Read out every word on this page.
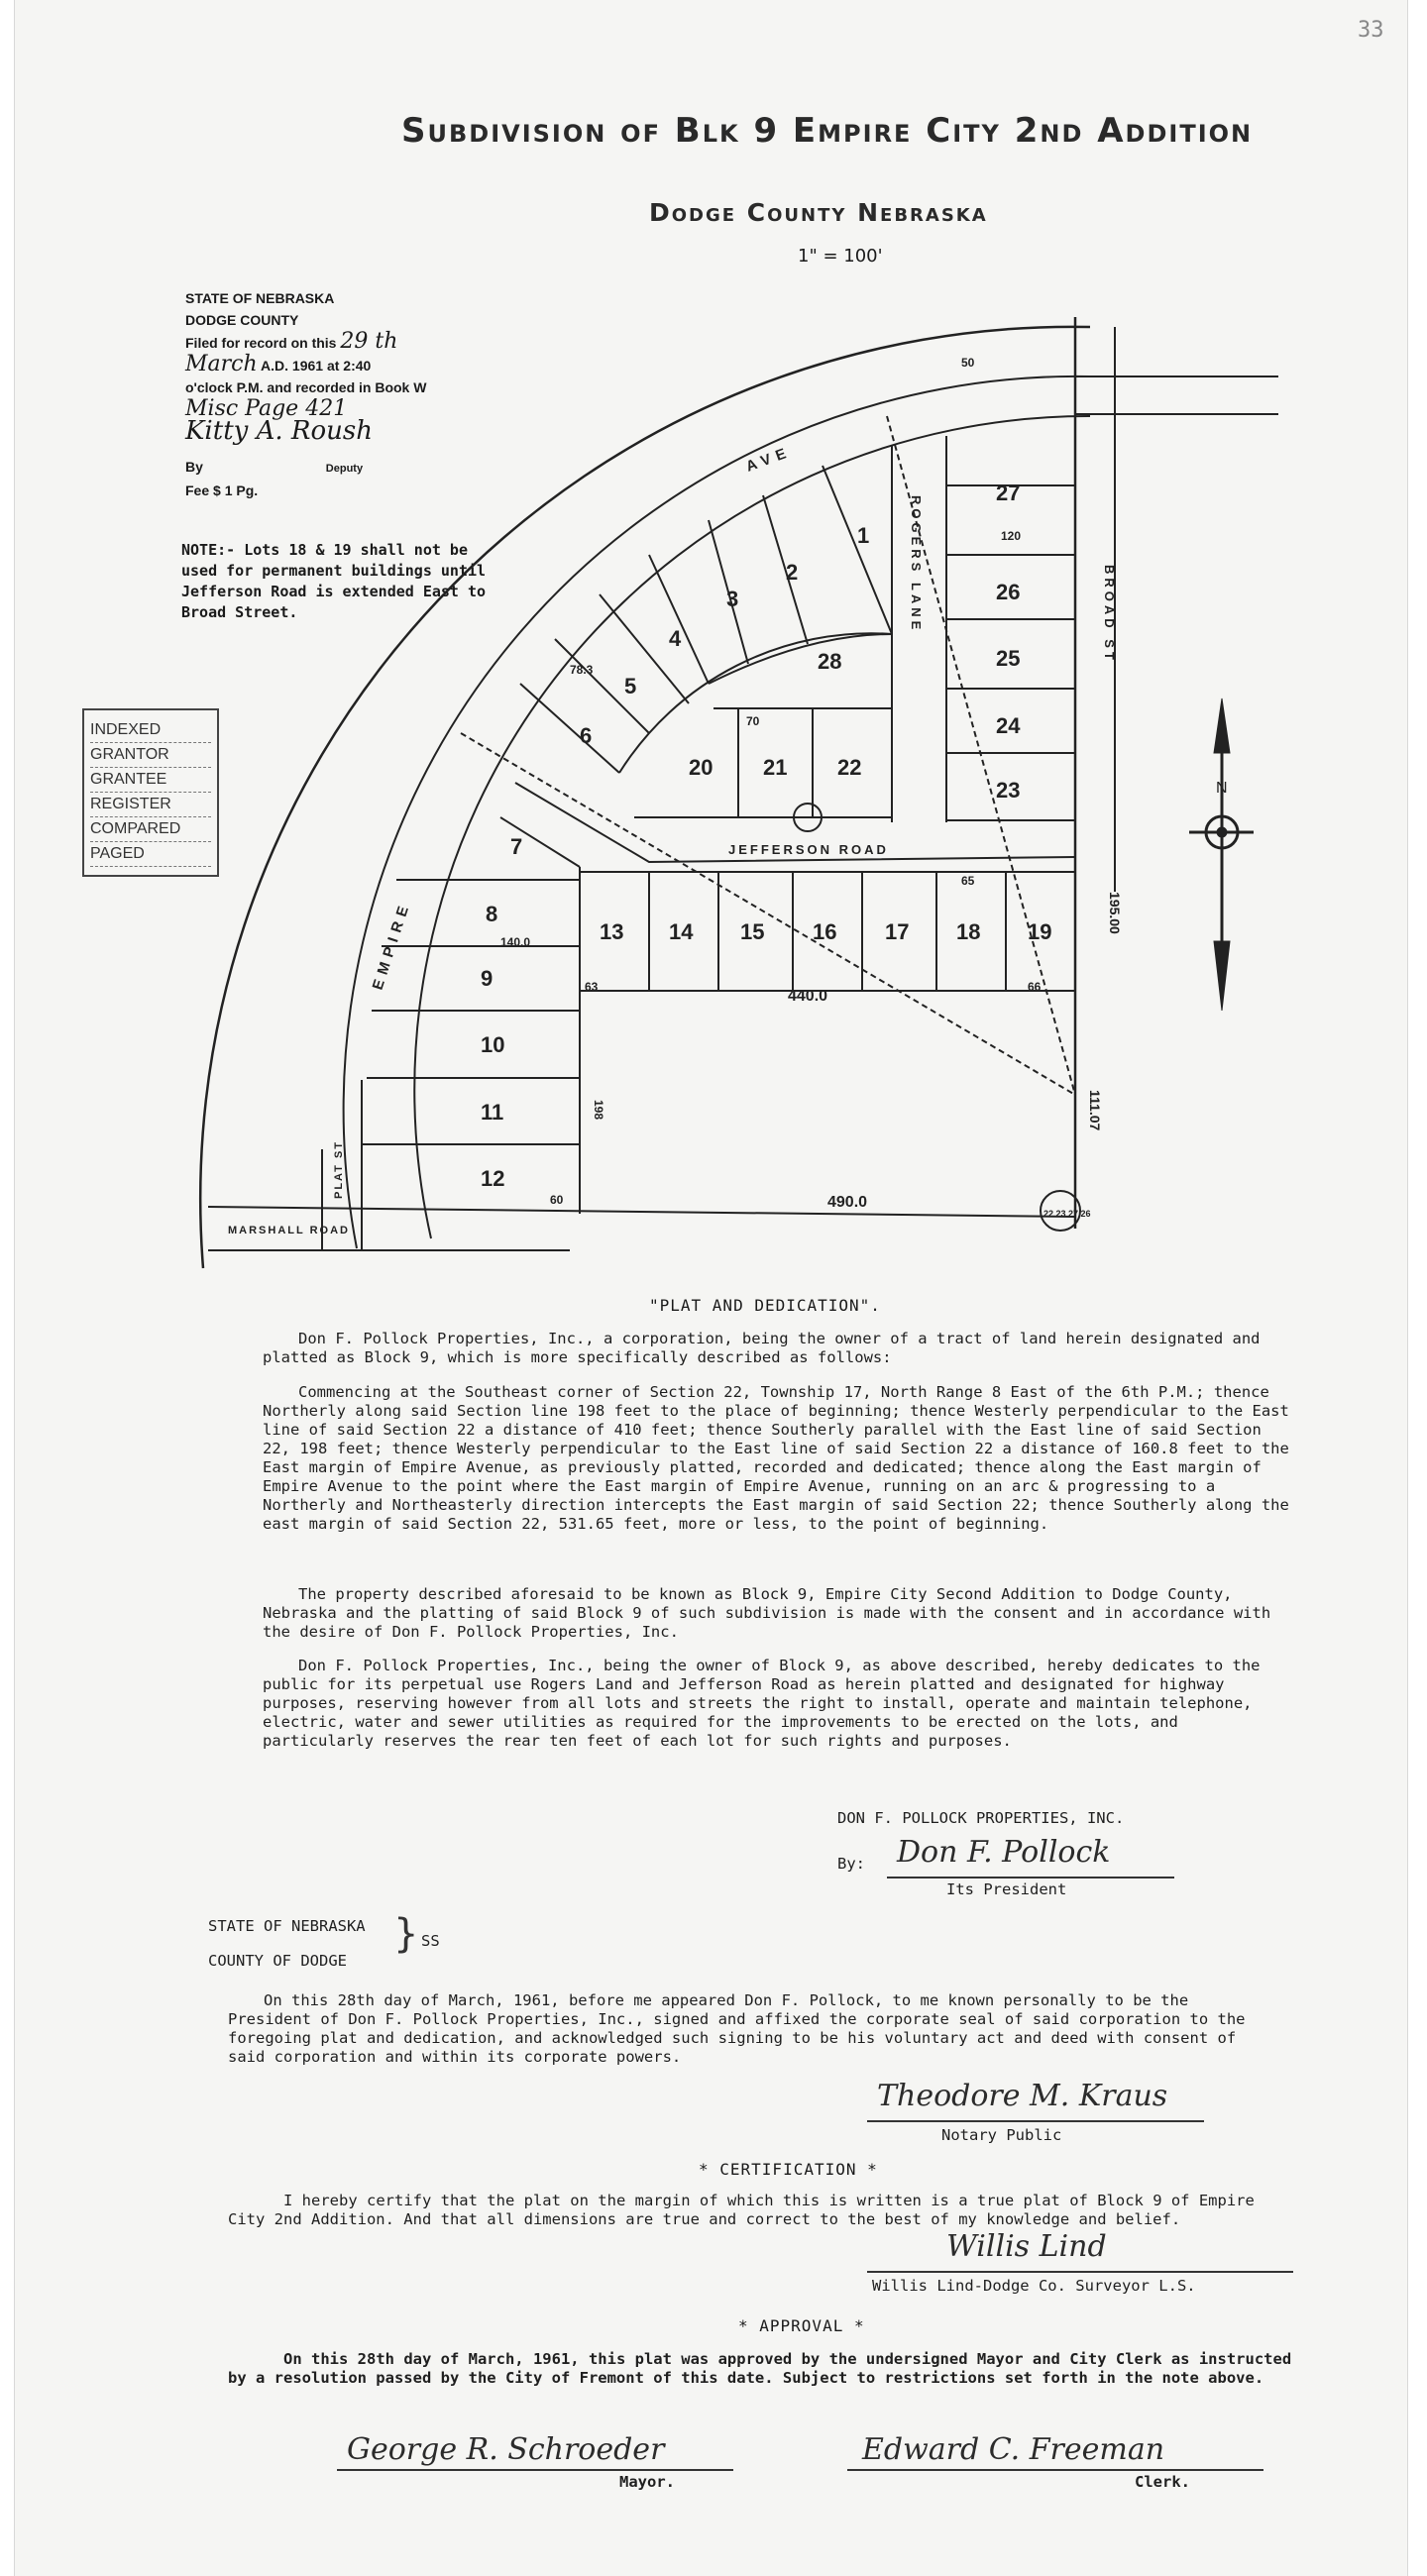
33
Subdivision of Blk 9 Empire City 2nd Addition
Dodge County Nebraska
1" = 100'
STATE OF NEBRASKA
DODGE COUNTY
Filed for record on this 29 th
March A.D. 1961 at 2:40
o'clock P.M. and recorded in Book W
Misc Page 421
Kitty A. Roush
By	Deputy
Fee $ 1 Pg.
NOTE:- Lots 18 & 19 shall not be used for permanent buildings until Jefferson Road is extended East to Broad Street.
INDEXED
GRANTOR
GRANTEE
REGISTER
COMPARED
PAGED
N
1
2
3
4
5
6
7
8
9
10
11
12
13 14 15 16 17 18 19
20 21 22
23
24
25
26
27
28
AVE
EMPIRE
ROGERS LANE
JEFFERSON ROAD
BROAD ST
MARSHALL ROAD
PLAT ST
440.0
490.0
195.00
111.07
120
70
63	66
65
60
50
140.0
78.3
198
22 23 27 26
"PLAT AND DEDICATION".
Don F. Pollock Properties, Inc., a corporation, being the owner of a tract of land herein designated and platted as Block 9, which is more specifically described as follows:
Commencing at the Southeast corner of Section 22, Township 17, North Range 8 East of the 6th P.M.; thence Northerly along said Section line 198 feet to the place of beginning; thence Westerly perpendicular to the East line of said Section 22 a distance of 410 feet; thence Southerly parallel with the East line of said Section 22, 198 feet; thence Westerly perpendicular to the East line of said Section 22 a distance of 160.8 feet to the East margin of Empire Avenue, as previously platted, recorded and dedicated; thence along the East margin of Empire Avenue to the point where the East margin of Empire Avenue, running on an arc & progressing to a Northerly and Northeasterly direction intercepts the East margin of said Section 22; thence Southerly along the east margin of said Section 22, 531.65 feet, more or less, to the point of beginning.
The property described aforesaid to be known as Block 9, Empire City Second Addition to Dodge County, Nebraska and the platting of said Block 9 of such subdivision is made with the consent and in accordance with the desire of Don F. Pollock Properties, Inc.
Don F. Pollock Properties, Inc., being the owner of Block 9, as above described, hereby dedicates to the public for its perpetual use Rogers Land and Jefferson Road as herein platted and designated for highway purposes, reserving however from all lots and streets the right to install, operate and maintain telephone, electric, water and sewer utilities as required for the improvements to be erected on the lots, and particularly reserves the rear ten feet of each lot for such rights and purposes.
DON F. POLLOCK PROPERTIES, INC.
By: Don F. Pollock
Its President
STATE OF NEBRASKA } SS
COUNTY OF DODGE
On this 28th day of March, 1961, before me appeared Don F. Pollock, to me known personally to be the President of Don F. Pollock Properties, Inc., signed and affixed the corporate seal of said corporation to the foregoing plat and dedication, and acknowledged such signing to be his voluntary act and deed with consent of said corporation and within its corporate powers.
Theodore M. Kraus
Notary Public
* CERTIFICATION *
I hereby certify that the plat on the margin of which this is written is a true plat of Block 9 of Empire City 2nd Addition. And that all dimensions are true and correct to the best of my knowledge and belief.
Willis Lind
Willis Lind-Dodge Co. Surveyor L.S.
* APPROVAL *
On this 28th day of March, 1961, this plat was approved by the undersigned Mayor and City Clerk as instructed by a resolution passed by the City of Fremont of this date. Subject to restrictions set forth in the note above.
George R. Schroeder
Mayor.
Edward C. Freeman
Clerk.
